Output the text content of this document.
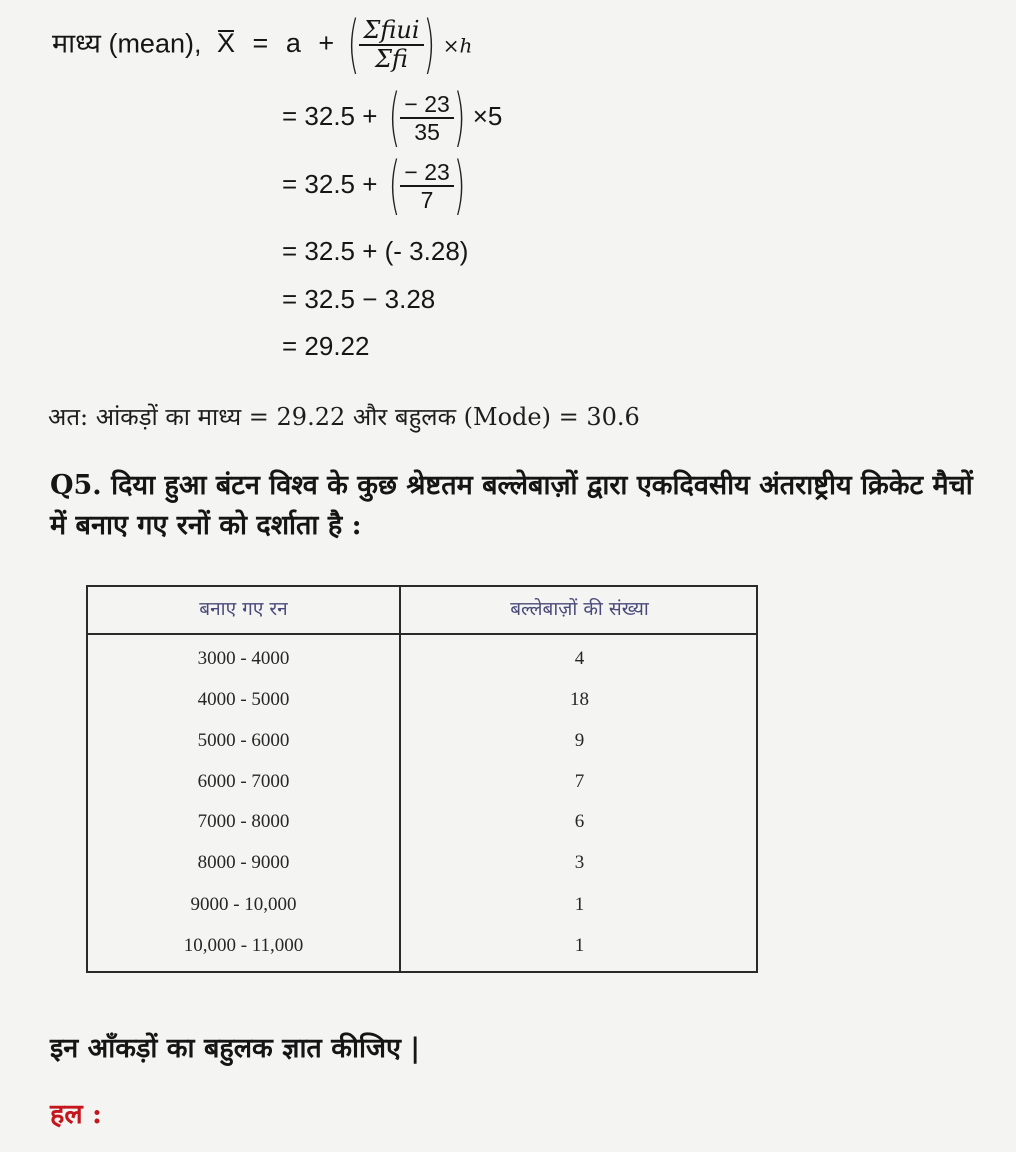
माध्य (mean), X = a + ( $\frac{\text{Σfiui}}{\text{Σfi}}$ ) ×h
= 32.5 + ( $\frac{- 23}{35}$ ) ×5
= 32.5 + ( $\frac{- 23}{7}$ )
= 32.5 + (- 3.28)
= 32.5 − 3.28
= 29.22
अत: आंकड़ों का माध्य = 29.22 और बहुलक (Mode) = 30.6
Q5. दिया हुआ बंटन विश्व के कुछ श्रेष्टतम बल्लेबाज़ों द्वारा एकदिवसीय अंतराष्ट्रीय क्रिकेट मैचों में बनाए गए रनों को दर्शाता है :
बनाए गए रन	बल्लेबाज़ों की संख्या
3000 - 4000	4
4000 - 5000	18
5000 - 6000	9
6000 - 7000	7
7000 - 8000	6
8000 - 9000	3
9000 - 10,000	1
10,000 - 11,000	1
इन आँकड़ों का बहुलक ज्ञात कीजिए |
हल :
